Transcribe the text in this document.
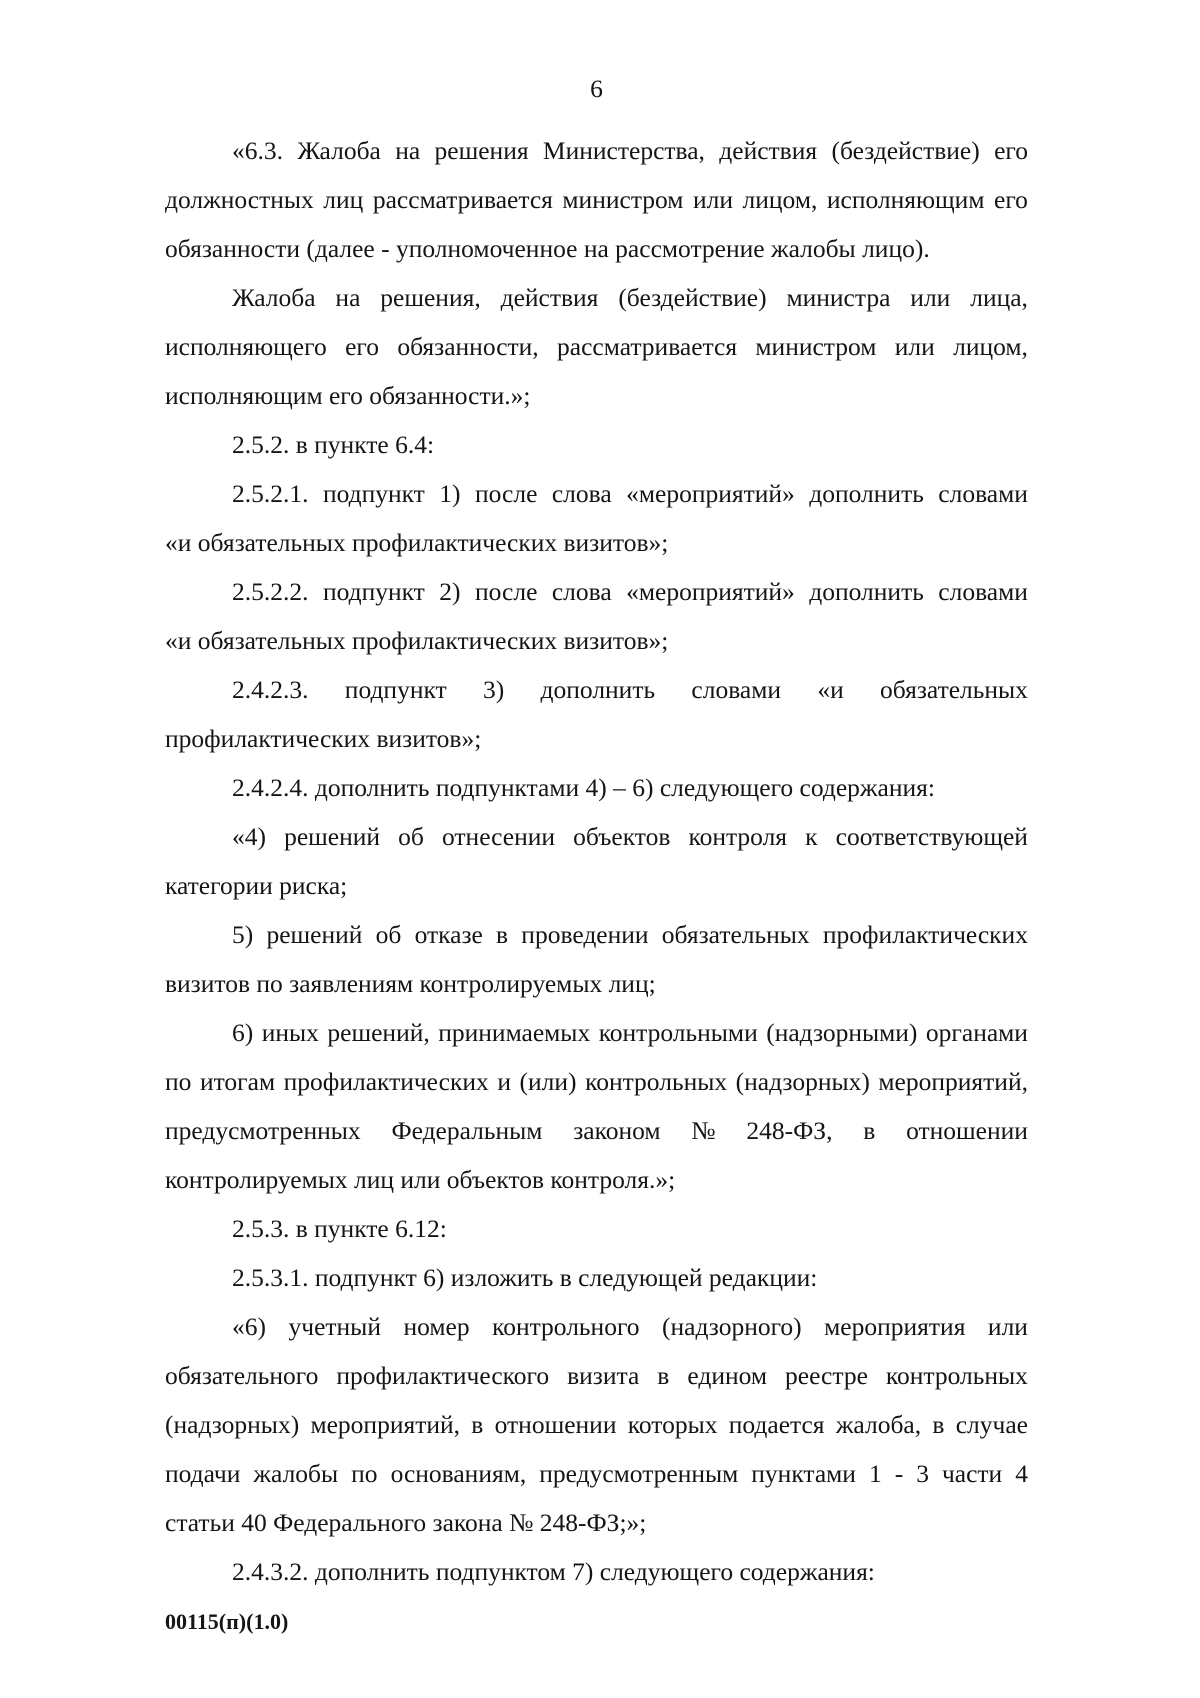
6
«6.3. Жалоба на решения Министерства, действия (бездействие) его
должностных лиц рассматривается министром или лицом, исполняющим его
обязанности (далее - уполномоченное на рассмотрение жалобы лицо).
Жалоба на решения, действия (бездействие) министра или лица,
исполняющего его обязанности, рассматривается министром или лицом,
исполняющим его обязанности.»;
2.5.2. в пункте 6.4:
2.5.2.1. подпункт 1) после слова «мероприятий» дополнить словами
«и обязательных профилактических визитов»;
2.5.2.2. подпункт 2) после слова «мероприятий» дополнить словами
«и обязательных профилактических визитов»;
2.4.2.3. подпункт 3) дополнить словами «и обязательных
профилактических визитов»;
2.4.2.4. дополнить подпунктами 4) – 6) следующего содержания:
«4) решений об отнесении объектов контроля к соответствующей
категории риска;
5) решений об отказе в проведении обязательных профилактических
визитов по заявлениям контролируемых лиц;
6) иных решений, принимаемых контрольными (надзорными) органами
по итогам профилактических и (или) контрольных (надзорных) мероприятий,
предусмотренных Федеральным законом № 248-ФЗ, в отношении
контролируемых лиц или объектов контроля.»;
2.5.3. в пункте 6.12:
2.5.3.1. подпункт 6) изложить в следующей редакции:
«6) учетный номер контрольного (надзорного) мероприятия или
обязательного профилактического визита в едином реестре контрольных
(надзорных) мероприятий, в отношении которых подается жалоба, в случае
подачи жалобы по основаниям, предусмотренным пунктами 1 - 3 части 4
статьи 40 Федерального закона № 248-ФЗ;»;
2.4.3.2. дополнить подпунктом 7) следующего содержания:
00115(п)(1.0)
